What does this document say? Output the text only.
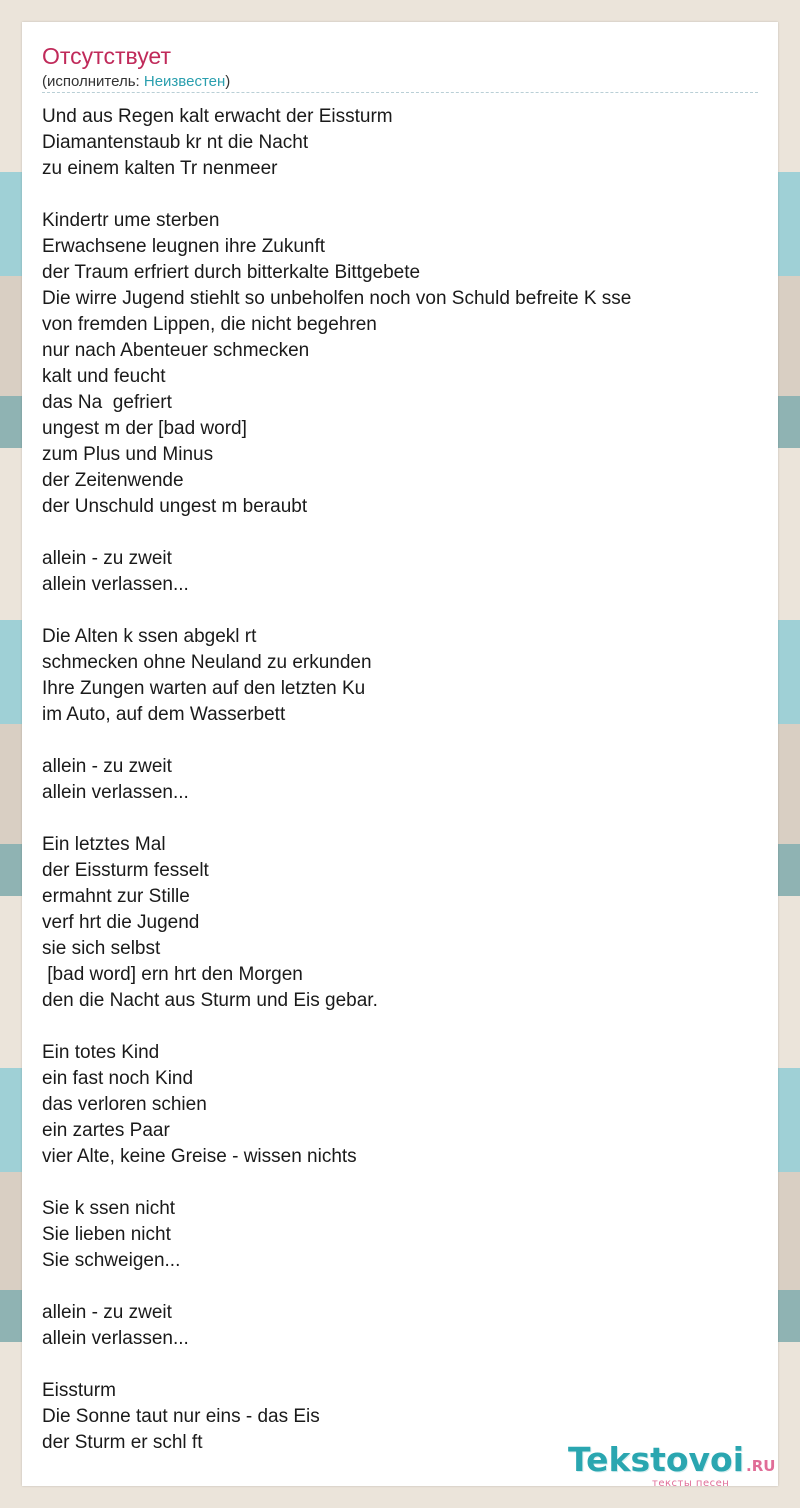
Отсутствует
(исполнитель: Неизвестен)
Und aus Regen kalt erwacht der Eissturm
Diamantenstaub kr nt die Nacht
zu einem kalten Tr nenmeer
Kindertr ume sterben
Erwachsene leugnen ihre Zukunft
der Traum erfriert durch bitterkalte Bittgebete
Die wirre Jugend stiehlt so unbeholfen noch von Schuld befreite K sse
von fremden Lippen, die nicht begehren
nur nach Abenteuer schmecken
kalt und feucht
das Na  gefriert
ungest m der [bad word]
zum Plus und Minus
der Zeitenwende
der Unschuld ungest m beraubt
allein - zu zweit
allein verlassen...
Die Alten k ssen abgekl rt
schmecken ohne Neuland zu erkunden
Ihre Zungen warten auf den letzten Ku
im Auto, auf dem Wasserbett
allein - zu zweit
allein verlassen...
Ein letztes Mal
der Eissturm fesselt
ermahnt zur Stille
verf hrt die Jugend
sie sich selbst
[bad word] ern hrt den Morgen
den die Nacht aus Sturm und Eis gebar.
Ein totes Kind
ein fast noch Kind
das verloren schien
ein zartes Paar
vier Alte, keine Greise - wissen nichts
Sie k ssen nicht
Sie lieben nicht
Sie schweigen...
allein - zu zweit
allein verlassen...
Eissturm
Die Sonne taut nur eins - das Eis
der Sturm er schl ft	Tekstovoi .RU
тексты песен
